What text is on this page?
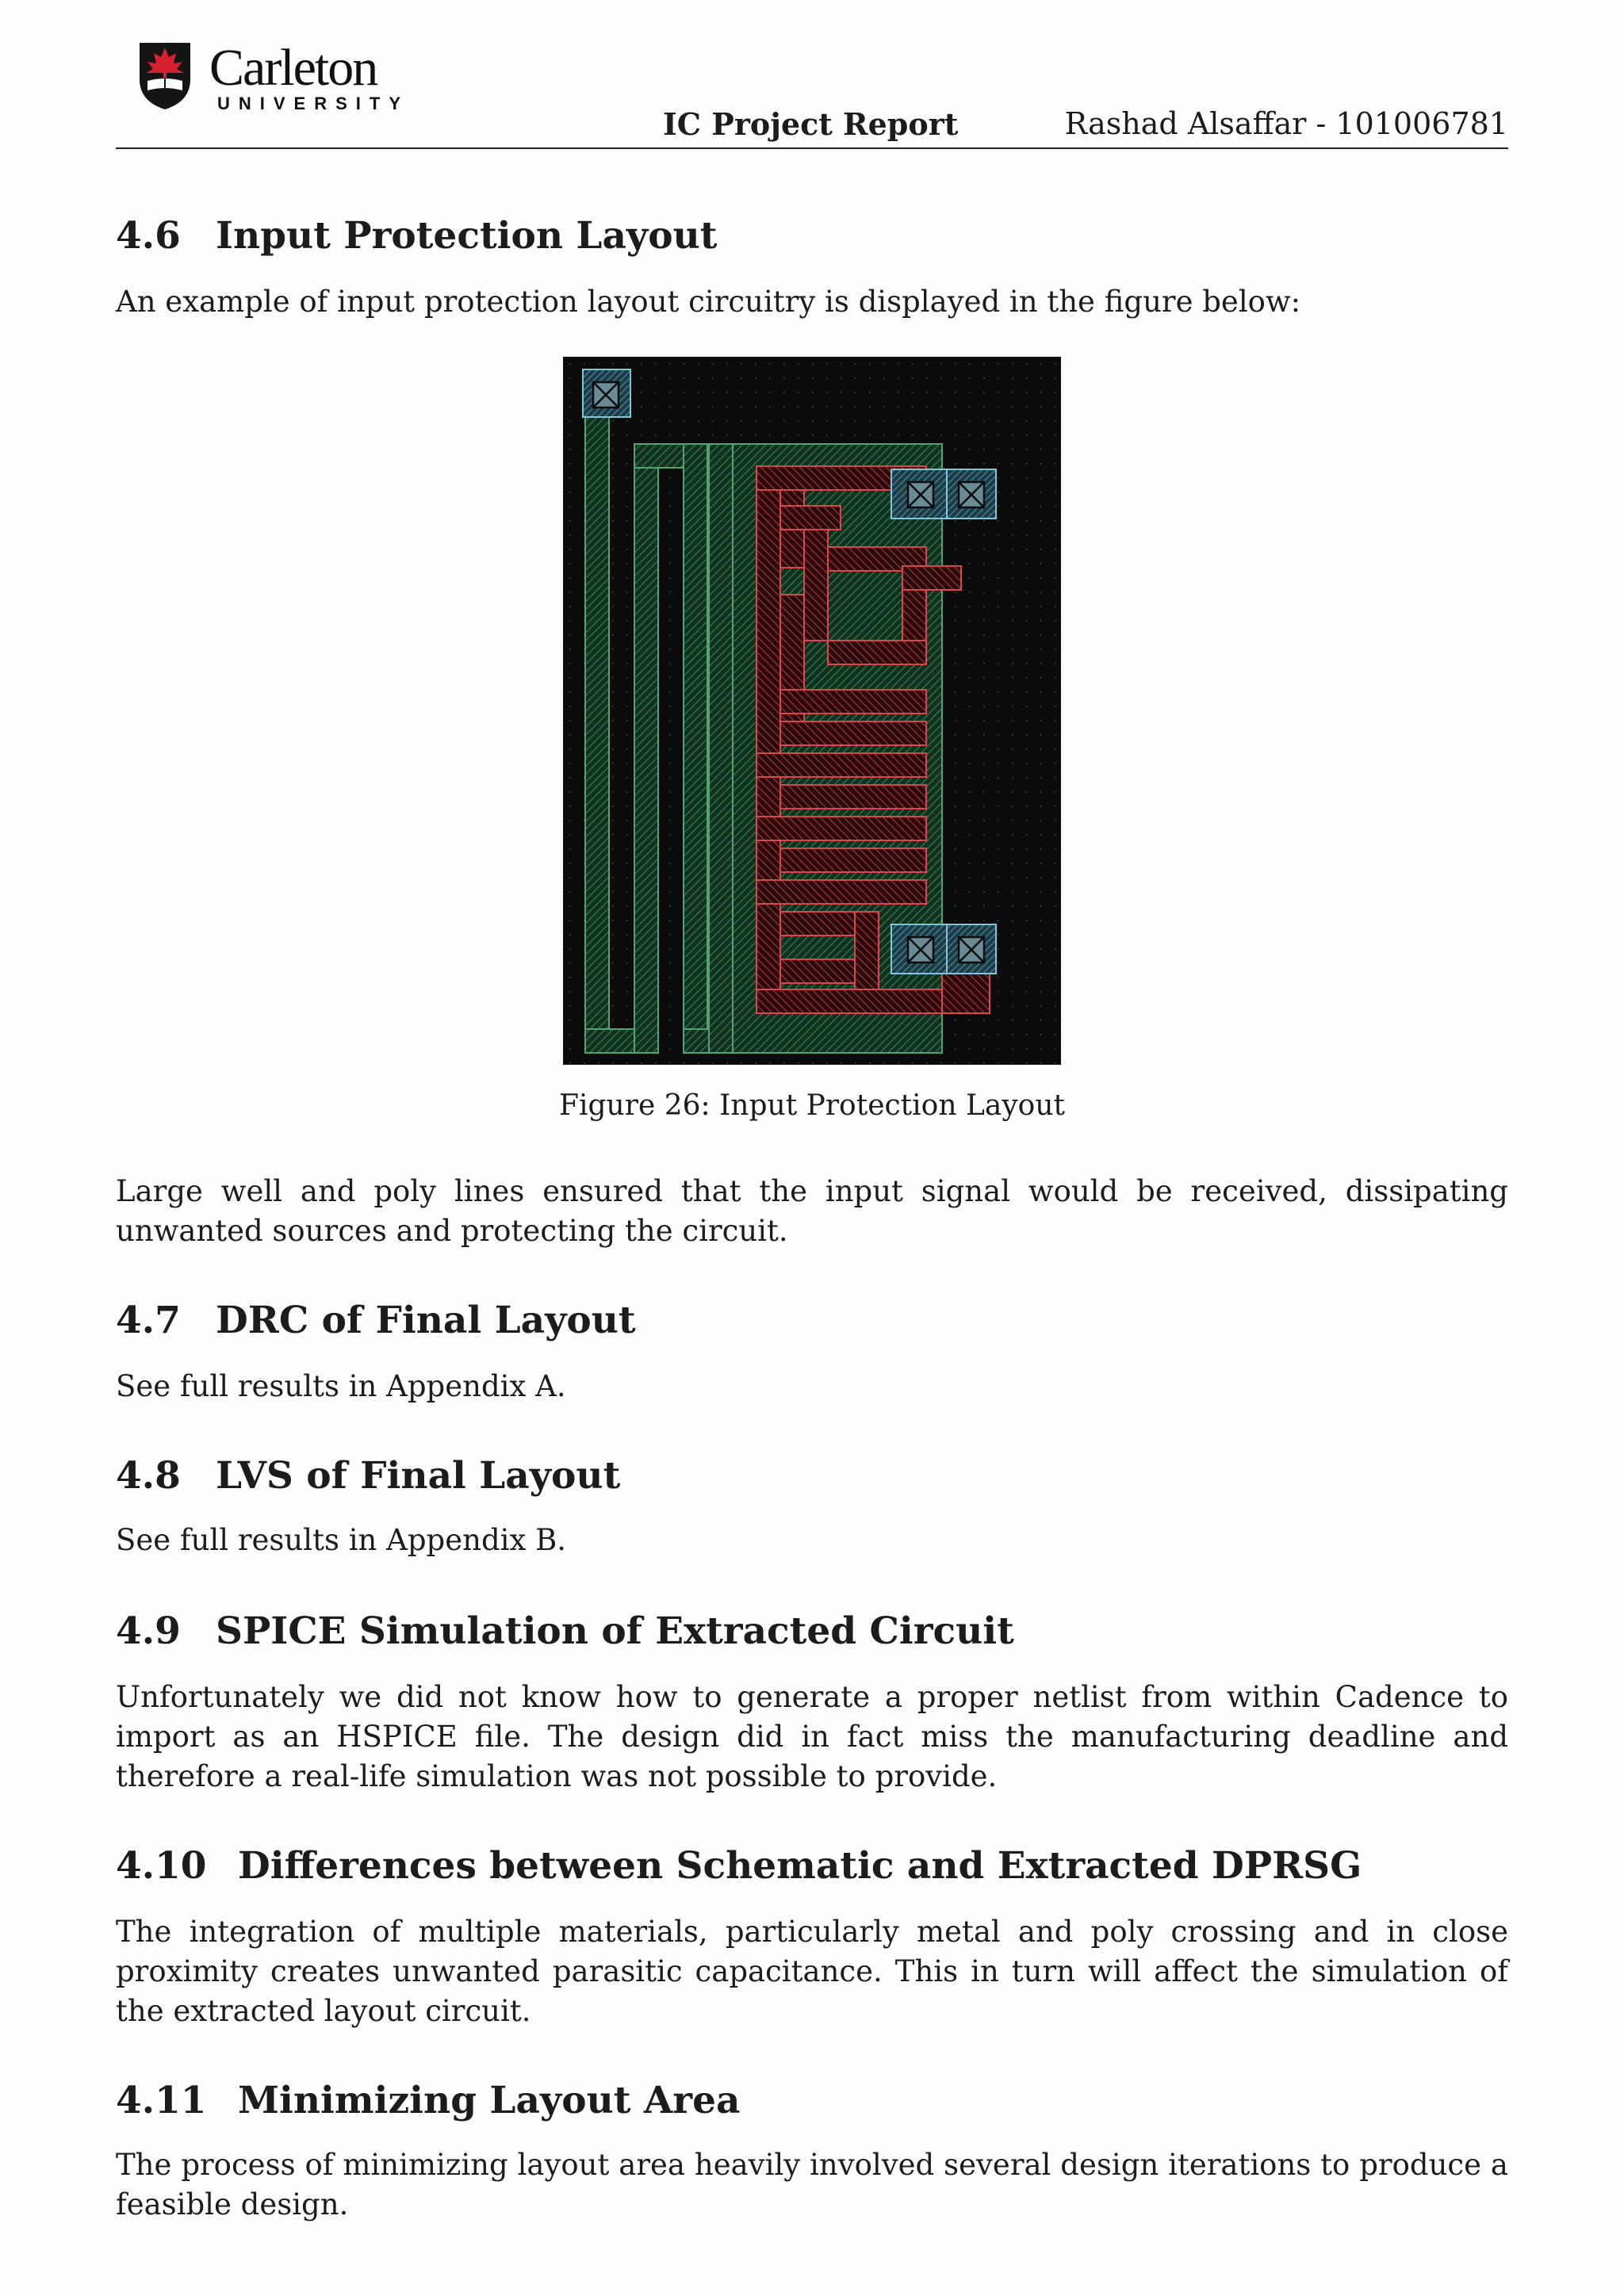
Carleton
UNIVERSITY
IC Project Report	Rashad Alsaffar - 101006781
4.6 Input Protection Layout

An example of input protection layout circuitry is displayed in the figure below:

Figure 26: Input Protection Layout

Large well and poly lines ensured that the input signal would be received, dissipating unwanted sources and protecting the circuit.

4.7 DRC of Final Layout

See full results in Appendix A.

4.8 LVS of Final Layout

See full results in Appendix B.

4.9 SPICE Simulation of Extracted Circuit

Unfortunately we did not know how to generate a proper netlist from within Cadence to import as an HSPICE file. The design did in fact miss the manufacturing deadline and therefore a real-life simulation was not possible to provide.

4.10 Differences between Schematic and Extracted DPRSG

The integration of multiple materials, particularly metal and poly crossing and in close proximity creates unwanted parasitic capacitance. This in turn will affect the simulation of the extracted layout circuit.

4.11 Minimizing Layout Area

The process of minimizing layout area heavily involved several design iterations to produce a feasible design.
